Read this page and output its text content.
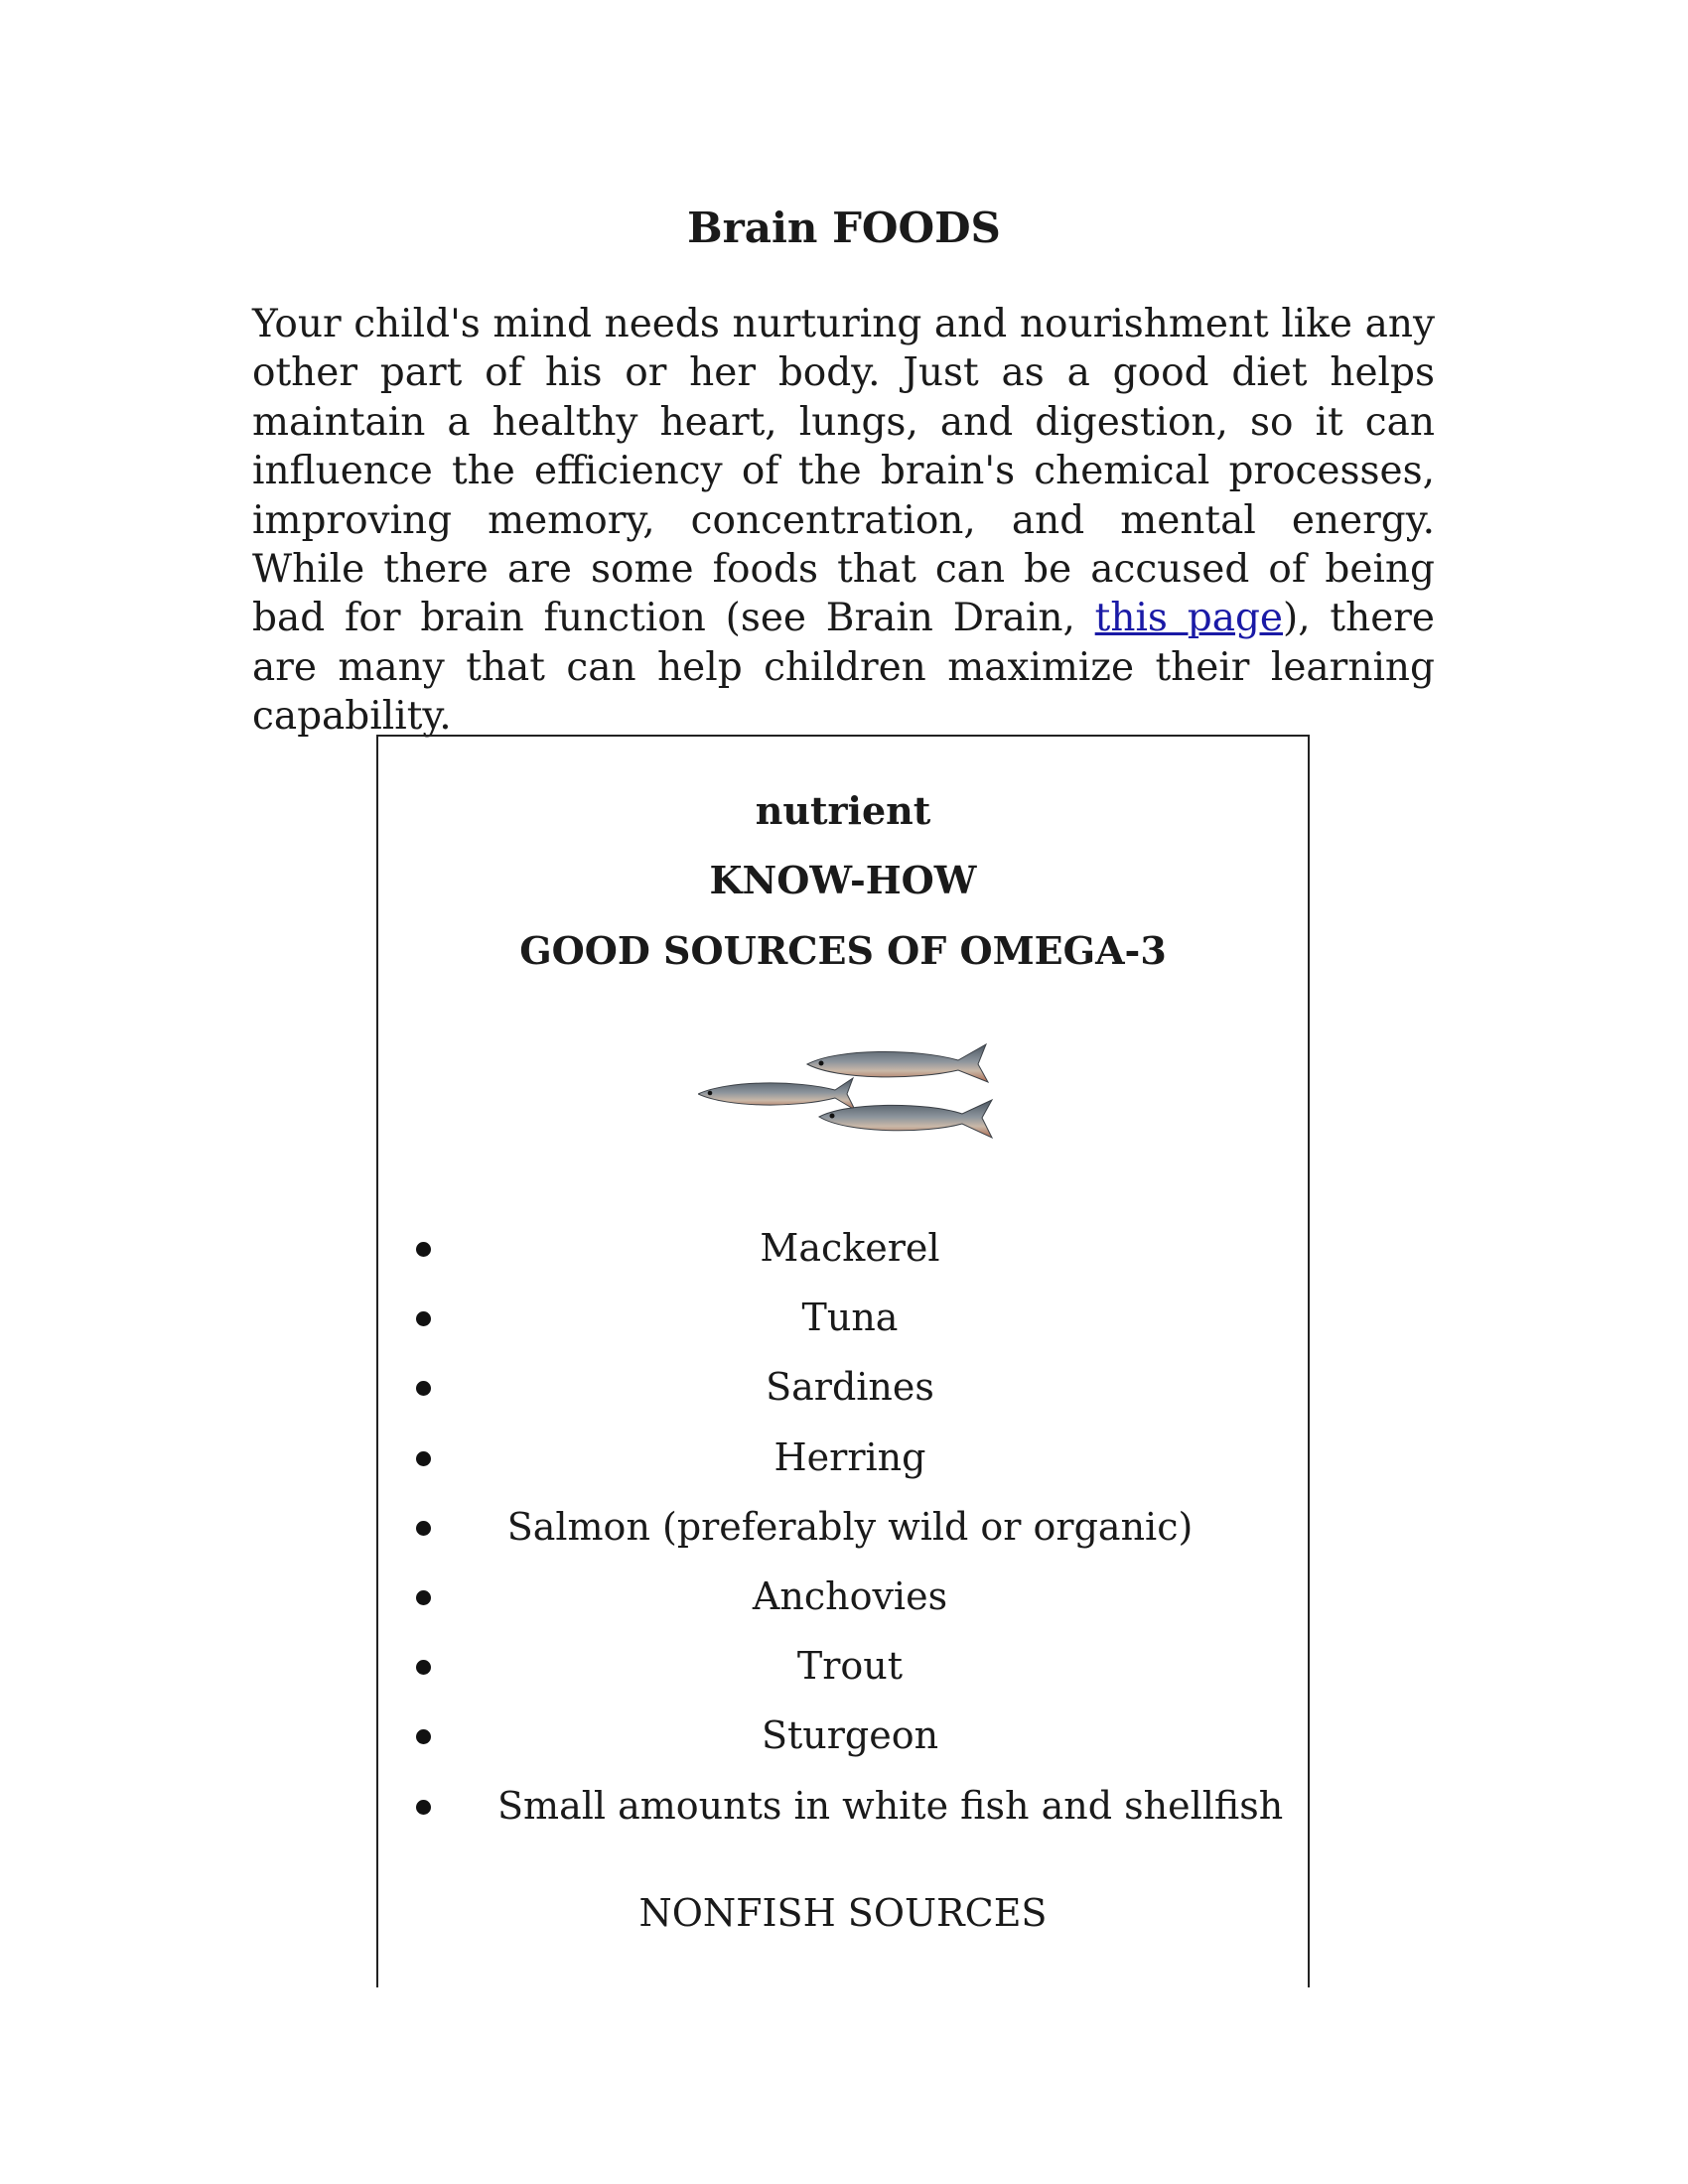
Brain FOODS

Your child's mind needs nurturing and nourishment like any other part of his or her body. Just as a good diet helps maintain a healthy heart, lungs, and digestion, so it can influence the efficiency of the brain's chemical processes, improving memory, concentration, and mental energy. While there are some foods that can be accused of being bad for brain function (see Brain Drain, this page), there are many that can help children maximize their learning capability.

nutrient
KNOW-HOW
GOOD SOURCES OF OMEGA-3
Mackerel
Tuna
Sardines
Herring
Salmon (preferably wild or organic)
Anchovies
Trout
Sturgeon
Small amounts in white fish and shellfish
NONFISH SOURCES
